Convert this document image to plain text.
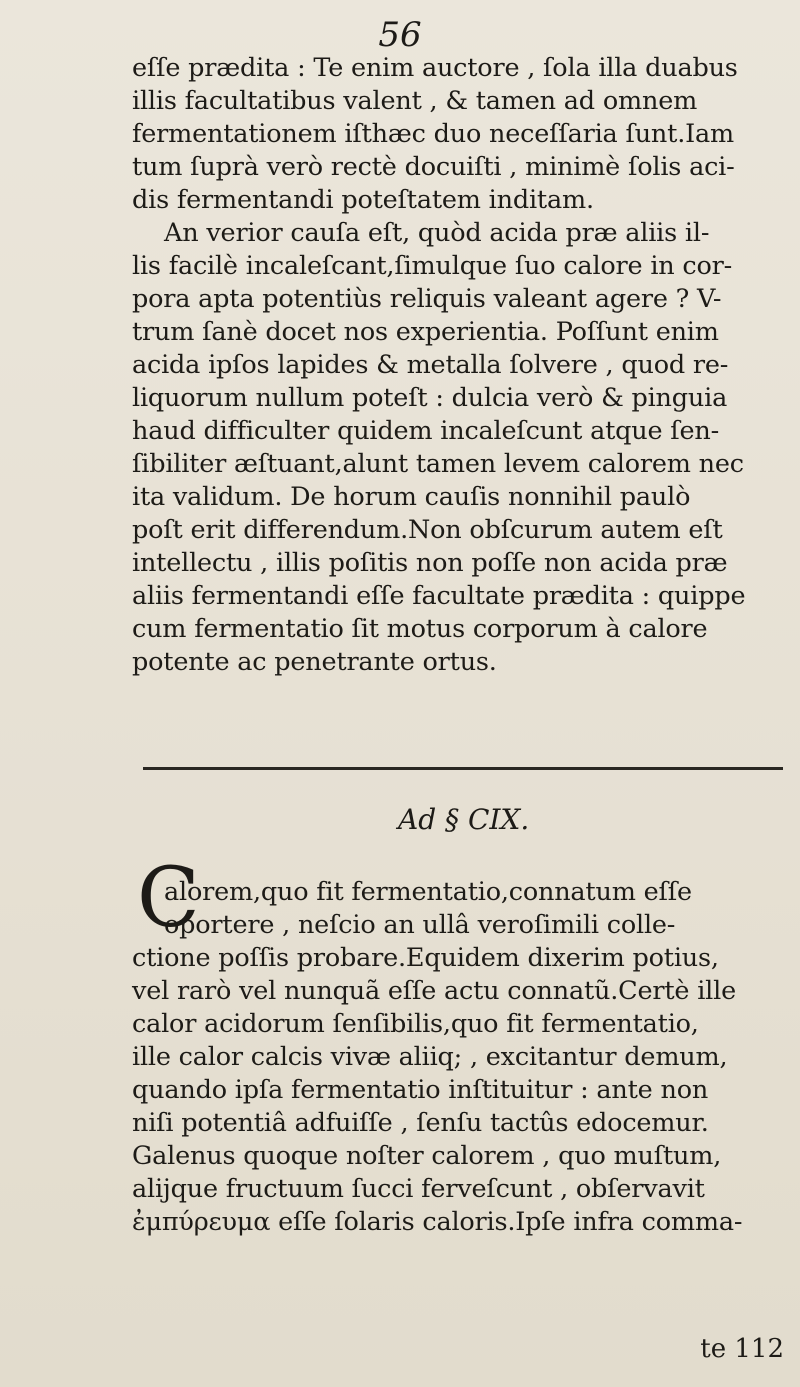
56
eſſe prædita : Te enim auctore , ſola illa duabus
illis facultatibus valent , & tamen ad omnem
fermentationem iſthæc duo neceſſaria ſunt.Iam
tum ſuprà verò rectè docuiſti , minimè ſolis aci-
dis fermentandi poteſtatem inditam.
An verior cauſa eſt, quòd acida præ aliis il-
lis facilè incaleſcant,ſimulque ſuo calore in cor-
pora apta potentiùs reliquis valeant agere ? V-
trum ſanè docet nos experientia. Poſſunt enim
acida ipſos lapides & metalla ſolvere , quod re-
liquorum nullum poteſt : dulcia verò & pinguia
haud difficulter quidem incaleſcunt atque ſen-
ſibiliter æſtuant,alunt tamen levem calorem nec
ita validum. De horum cauſis nonnihil paulò
poſt erit differendum.Non obſcurum autem eſt
intellectu , illis poſitis non poſſe non acida præ
aliis fermentandi eſſe facultate prædita : quippe
cum fermentatio ſit motus corporum à calore
potente ac penetrante ortus.
Ad § CIX.
C
alorem,quo fit fermentatio,connatum eſſe
oportere , neſcio an ullâ veroſimili colle-
ctione poſſis probare.Equidem dixerim potius,
vel rarò vel nunquã eſſe actu connatũ.Certè ille
calor acidorum ſenſibilis,quo fit fermentatio,
ille calor calcis vivæ aliiq; , excitantur demum,
quando ipſa fermentatio inſtituitur : ante non
niſi potentiâ adfuiſſe , ſenſu tactûs edocemur.
Galenus quoque noſter calorem , quo muſtum,
alijque fructuum ſucci ferveſcunt , obſervavit
ἐμπύρευμα eſſe ſolaris caloris.Ipſe infra comma-
te 112
